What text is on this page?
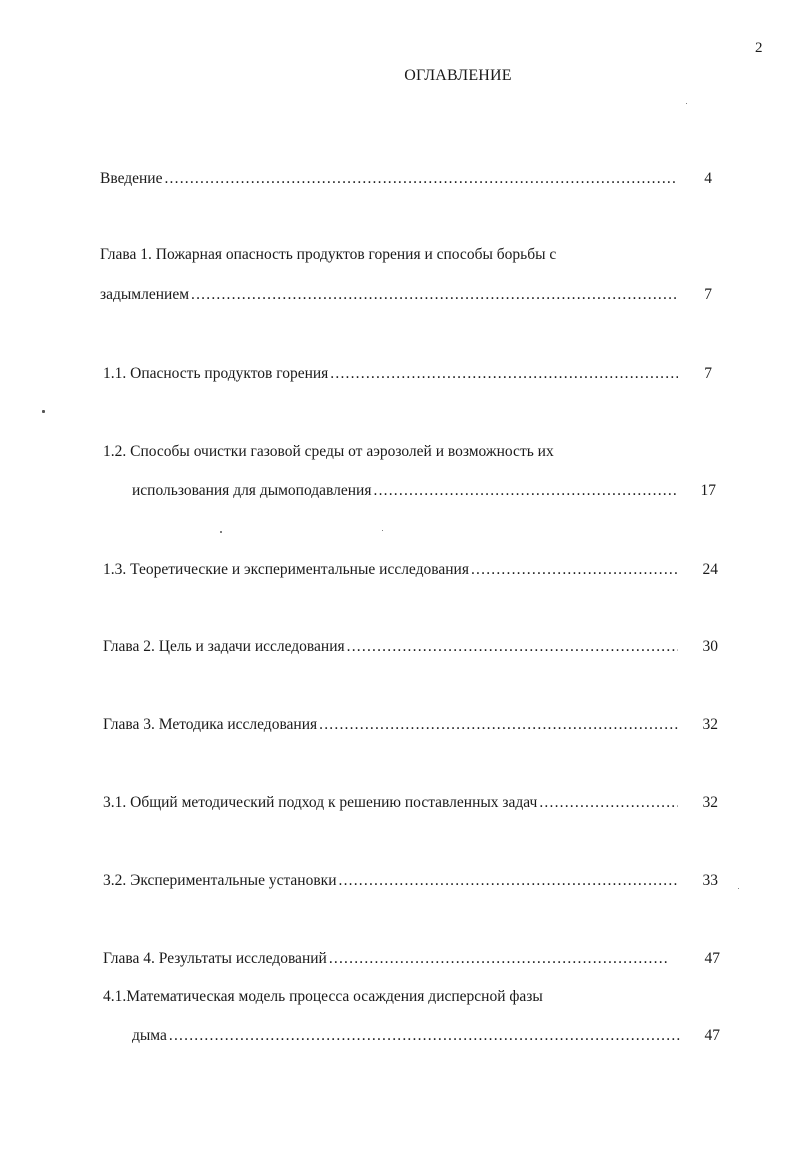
2
ОГЛАВЛЕНИЕ
Введение .....	4
Глава 1. Пожарная опасность продуктов горения и способы борьбы с
задымлением .....	7
1.1. Опасность продуктов горения .....	7
1.2. Способы очистки газовой среды от аэрозолей и возможность их
использования для дымоподавления .....	17
1.3. Теоретические и экспериментальные исследования .....	24
Глава 2. Цель и задачи исследования .....	30
Глава 3. Методика исследования .....	32
3.1. Общий методический подход к решению поставленных задач .....	32
3.2. Экспериментальные установки .....	33
Глава 4. Результаты исследований .....	47
4.1.Математическая модель процесса осаждения дисперсной фазы
дыма .....	47
